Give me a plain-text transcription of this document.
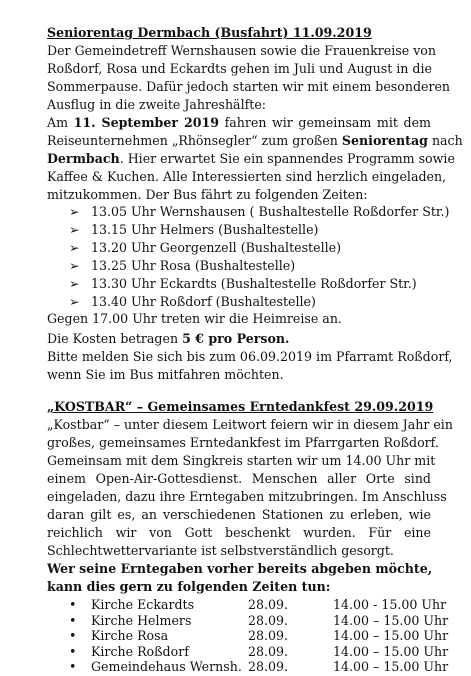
Seniorentag Dermbach (Busfahrt) 11.09.2019
Der Gemeindetreff Wernshausen sowie die Frauenkreise von
Roßdorf, Rosa und Eckardts gehen im Juli und August in die
Sommerpause. Dafür jedoch starten wir mit einem besonderen
Ausflug in die zweite Jahreshälfte:
Am 11. September 2019 fahren wir gemeinsam mit dem
Reiseunternehmen „Rhönsegler“ zum großen Seniorentag nach
Dermbach. Hier erwartet Sie ein spannendes Programm sowie
Kaffee & Kuchen. Alle Interessierten sind herzlich eingeladen,
mitzukommen. Der Bus fährt zu folgenden Zeiten:
➢ 13.05 Uhr Wernshausen ( Bushaltestelle Roßdorfer Str.)
➢ 13.15 Uhr Helmers (Bushaltestelle)
➢ 13.20 Uhr Georgenzell (Bushaltestelle)
➢ 13.25 Uhr Rosa (Bushaltestelle)
➢ 13.30 Uhr Eckardts (Bushaltestelle Roßdorfer Str.)
➢ 13.40 Uhr Roßdorf (Bushaltestelle)
Gegen 17.00 Uhr treten wir die Heimreise an.
Die Kosten betragen 5 € pro Person.
Bitte melden Sie sich bis zum 06.09.2019 im Pfarramt Roßdorf,
wenn Sie im Bus mitfahren möchten.
„KOSTBAR“ – Gemeinsames Erntedankfest 29.09.2019
„Kostbar“ – unter diesem Leitwort feiern wir in diesem Jahr ein
großes, gemeinsames Erntedankfest im Pfarrgarten Roßdorf.
Gemeinsam mit dem Singkreis starten wir um 14.00 Uhr mit
einem Open-Air-Gottesdienst. Menschen aller Orte sind
eingeladen, dazu ihre Erntegaben mitzubringen. Im Anschluss
daran gilt es, an verschiedenen Stationen zu erleben, wie
reichlich wir von Gott beschenkt wurden. Für eine
Schlechtwettervariante ist selbstverständlich gesorgt.
Wer seine Erntegaben vorher bereits abgeben möchte,
kann dies gern zu folgenden Zeiten tun:
• Kirche Eckardts	28.09.	14.00 - 15.00 Uhr
• Kirche Helmers	28.09.	14.00 – 15.00 Uhr
• Kirche Rosa	28.09.	14.00 – 15.00 Uhr
• Kirche Roßdorf	28.09.	14.00 – 15.00 Uhr
• Gemeindehaus Wernsh. 28.09.	14.00 – 15.00 Uhr
